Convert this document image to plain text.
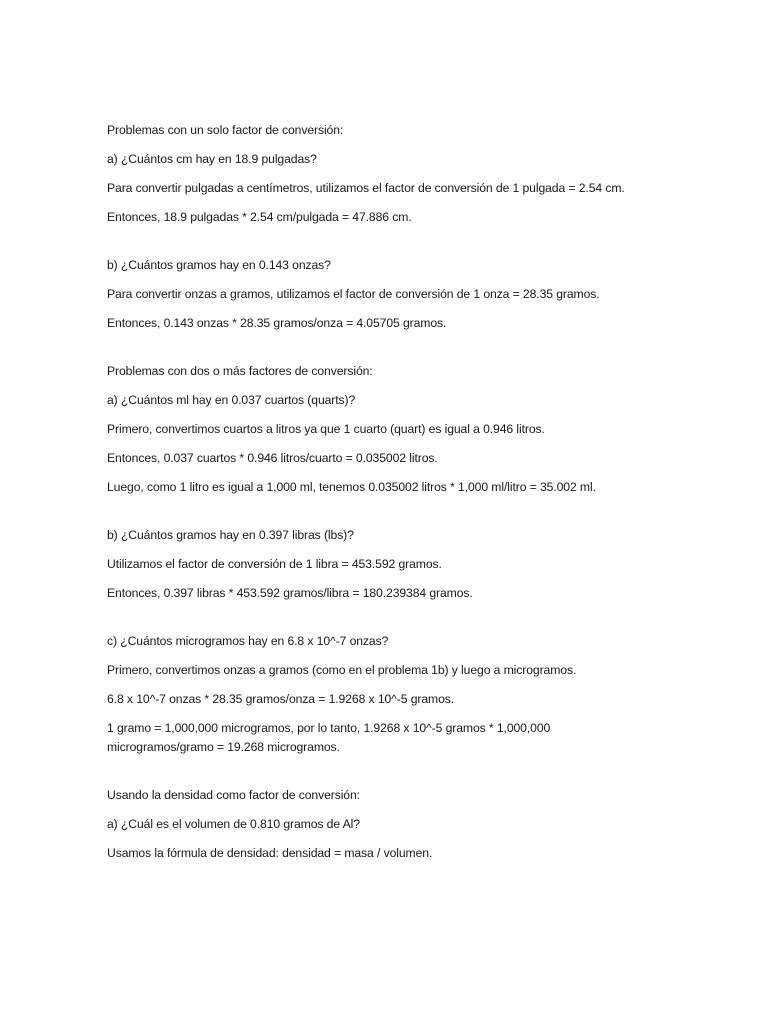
Problemas con un solo factor de conversión:
a) ¿Cuántos cm hay en 18.9 pulgadas?
Para convertir pulgadas a centímetros, utilizamos el factor de conversión de 1 pulgada = 2.54 cm.
Entonces, 18.9 pulgadas * 2.54 cm/pulgada = 47.886 cm.
b) ¿Cuántos gramos hay en 0.143 onzas?
Para convertir onzas a gramos, utilizamos el factor de conversión de 1 onza = 28.35 gramos.
Entonces, 0.143 onzas * 28.35 gramos/onza = 4.05705 gramos.
Problemas con dos o más factores de conversión:
a) ¿Cuántos ml hay en 0.037 cuartos (quarts)?
Primero, convertimos cuartos a litros ya que 1 cuarto (quart) es igual a 0.946 litros.
Entonces, 0.037 cuartos * 0.946 litros/cuarto = 0.035002 litros.
Luego, como 1 litro es igual a 1,000 ml, tenemos 0.035002 litros * 1,000 ml/litro = 35.002 ml.
b) ¿Cuántos gramos hay en 0.397 libras (lbs)?
Utilizamos el factor de conversión de 1 libra = 453.592 gramos.
Entonces, 0.397 libras * 453.592 gramos/libra = 180.239384 gramos.
c) ¿Cuántos microgramos hay en 6.8 x 10^-7 onzas?
Primero, convertimos onzas a gramos (como en el problema 1b) y luego a microgramos.
6.8 x 10^-7 onzas * 28.35 gramos/onza = 1.9268 x 10^-5 gramos.
1 gramo = 1,000,000 microgramos, por lo tanto, 1.9268 x 10^-5 gramos * 1,000,000 microgramos/gramo = 19.268 microgramos.
Usando la densidad como factor de conversión:
a) ¿Cuál es el volumen de 0.810 gramos de Al?
Usamos la fórmula de densidad: densidad = masa / volumen.
